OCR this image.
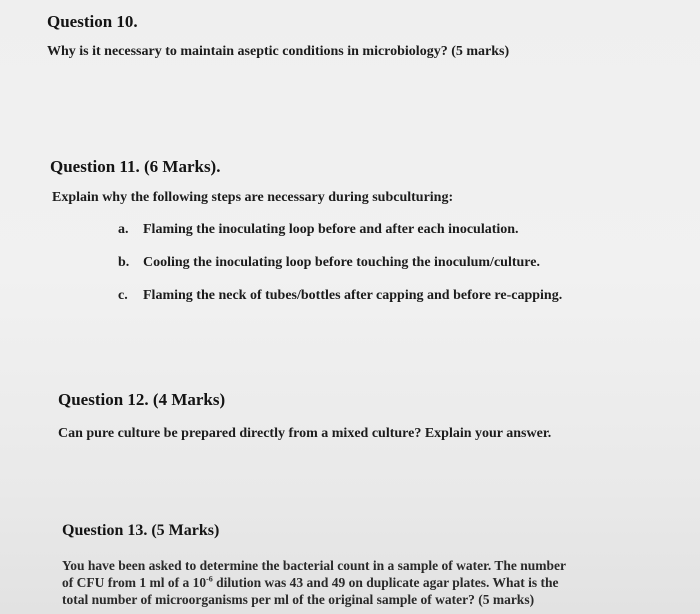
Question 10.
Why is it necessary to maintain aseptic conditions in microbiology? (5 marks)
Question 11. (6 Marks).
Explain why the following steps are necessary during subculturing:
a. Flaming the inoculating loop before and after each inoculation.
b. Cooling the inoculating loop before touching the inoculum/culture.
c. Flaming the neck of tubes/bottles after capping and before re-capping.
Question 12. (4 Marks)
Can pure culture be prepared directly from a mixed culture? Explain your answer.
Question 13. (5 Marks)
You have been asked to determine the bacterial count in a sample of water. The number
of CFU from 1 ml of a $10^{-6}$ dilution was 43 and 49 on duplicate agar plates. What is the
total number of microorganisms per ml of the original sample of water? (5 marks)
